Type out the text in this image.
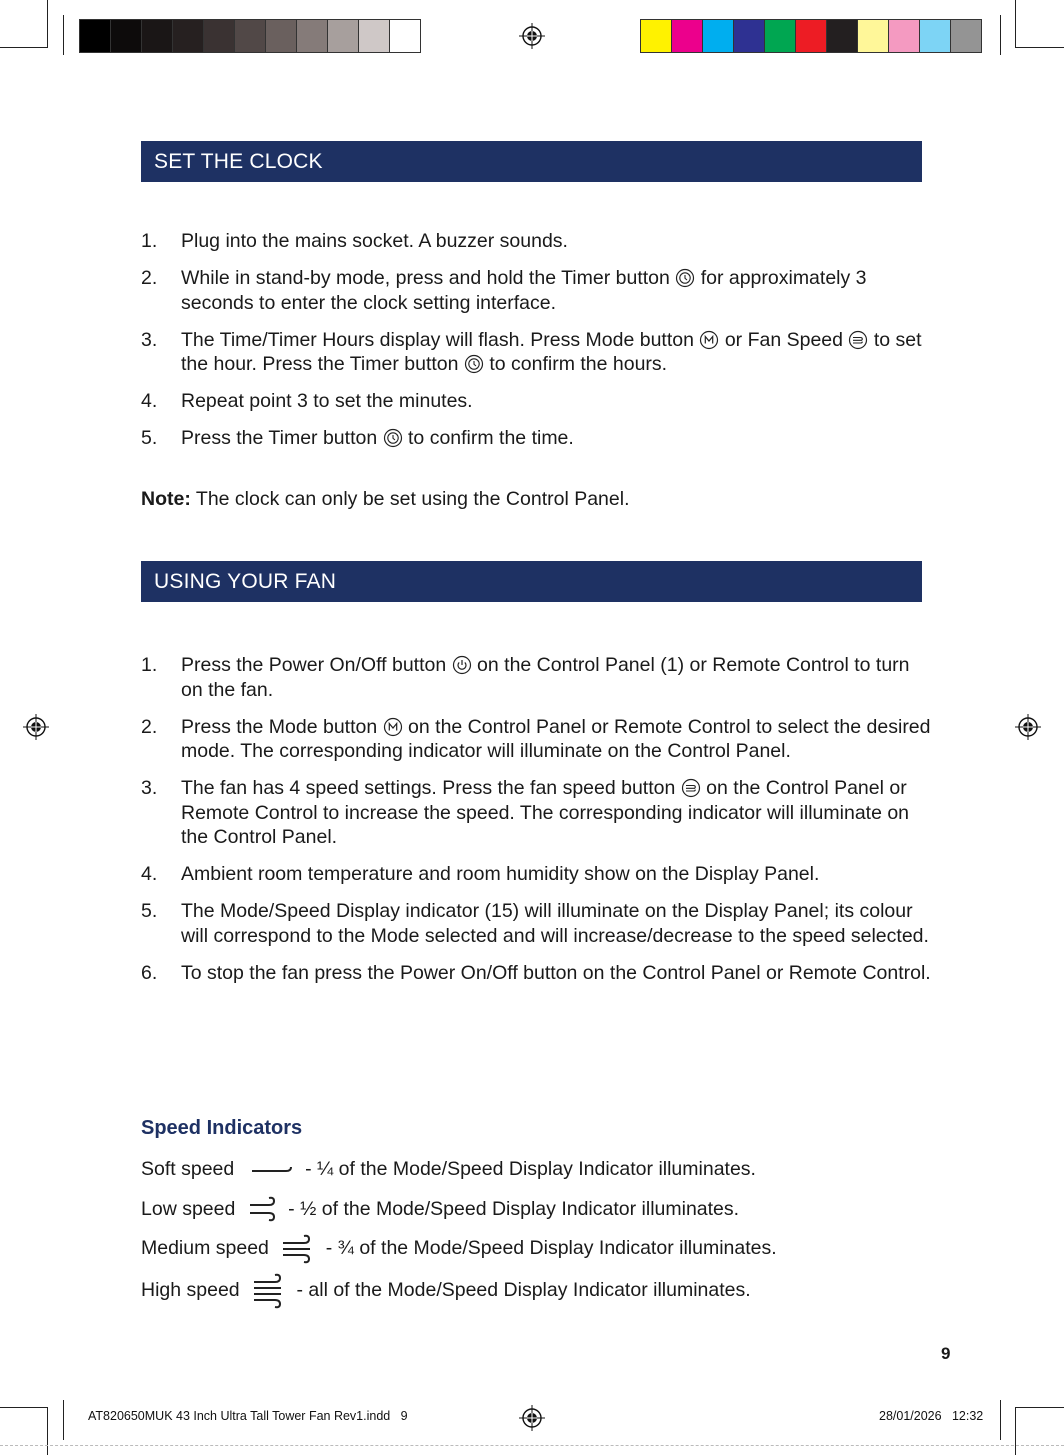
SET THE CLOCK
1. Plug into the mains socket. A buzzer sounds.
2. While in stand-by mode, press and hold the Timer button for approximately 3 seconds to enter the clock setting interface.
3. The Time/Timer Hours display will flash. Press Mode button or Fan Speed to set the hour. Press the Timer button to confirm the hours.
4. Repeat point 3 to set the minutes.
5. Press the Timer button to confirm the time.
Note: The clock can only be set using the Control Panel.
USING YOUR FAN
1. Press the Power On/Off button on the Control Panel (1) or Remote Control to turn on the fan.
2. Press the Mode button on the Control Panel or Remote Control to select the desired mode. The corresponding indicator will illuminate on the Control Panel.
3. The fan has 4 speed settings. Press the fan speed button on the Control Panel or Remote Control to increase the speed. The corresponding indicator will illuminate on the Control Panel.
4. Ambient room temperature and room humidity show on the Display Panel.
5. The Mode/Speed Display indicator (15) will illuminate on the Display Panel; its colour will correspond to the Mode selected and will increase/decrease to the speed selected.
6. To stop the fan press the Power On/Off button on the Control Panel or Remote Control.
Speed Indicators
Soft speed	- ¼ of the Mode/Speed Display Indicator illuminates.
Low speed	- ½ of the Mode/Speed Display Indicator illuminates.
Medium speed	- ¾ of the Mode/Speed Display Indicator illuminates.
High speed	- all of the Mode/Speed Display Indicator illuminates.
9
AT820650MUK 43 Inch Ultra Tall Tower Fan Rev1.indd   9	28/01/2026   12:32
